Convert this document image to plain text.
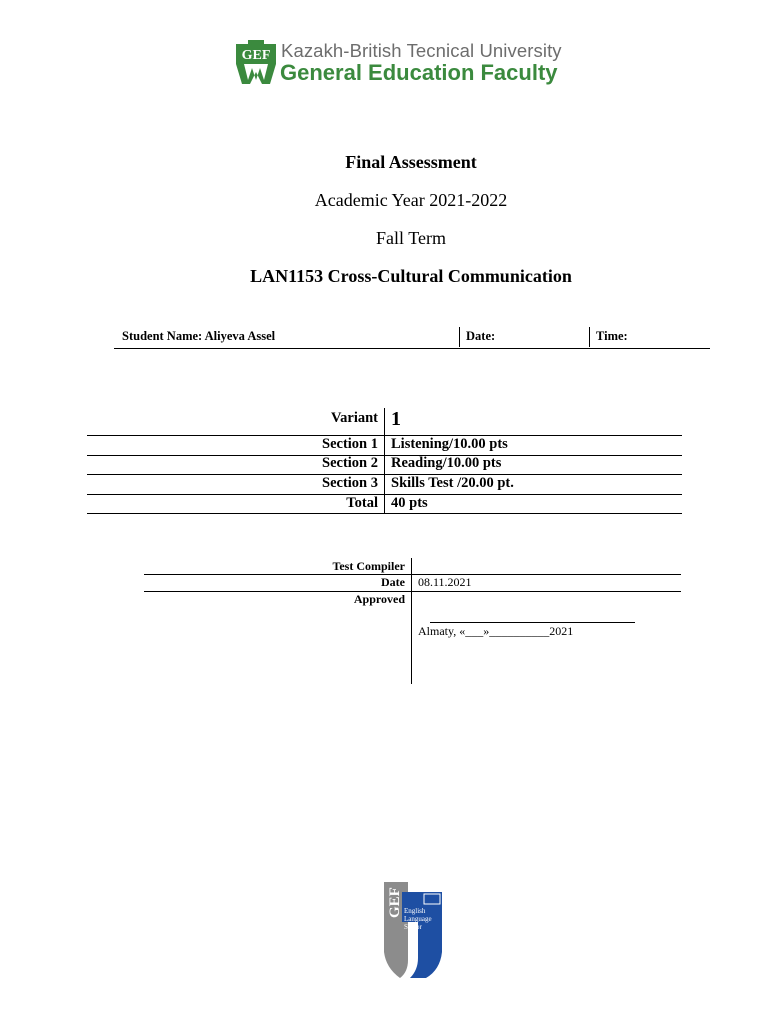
GEF Kazakh-British Tecnical University
General Education Faculty
Final Assessment
Academic Year 2021-2022
Fall Term
LAN1153 Cross-Cultural Communication
Student Name: Aliyeva Assel	Date:	Time:
Variant 1
Section 1 Listening/10.00 pts
Section 2 Reading/10.00 pts
Section 3 Skills Test /20.00 pt.
Total 40 pts
Test Compiler
Date 08.11.2021
Approved
Almaty, «___»__________2021
GEF English
Language
Sector
